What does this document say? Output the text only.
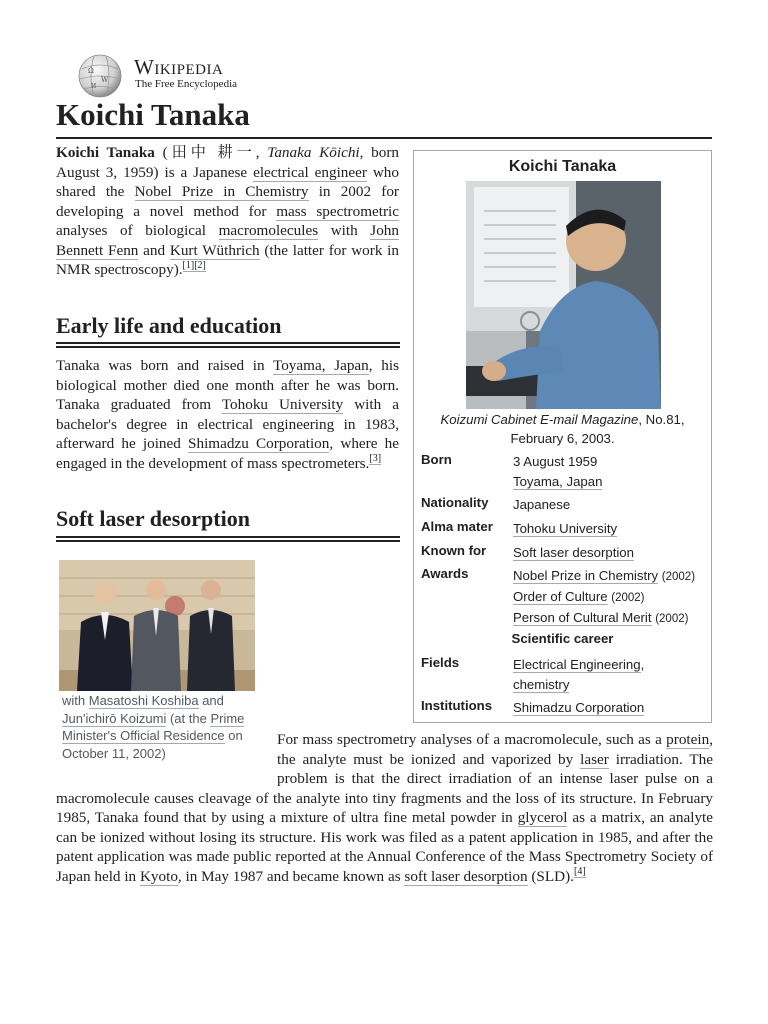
Ω
W
И
Wikipedia
The Free Encyclopedia
Koichi Tanaka

Koichi Tanaka (田中 耕一, Tanaka Kōichi, born August 3, 1959) is a Japanese electrical engineer who shared the Nobel Prize in Chemistry in 2002 for developing a novel method for mass spectrometric analyses of biological macromolecules with John Bennett Fenn and Kurt Wüthrich (the latter for work in NMR spectroscopy).[1][2]

Early life and education

Tanaka was born and raised in Toyama, Japan, his biological mother died one month after he was born. Tanaka graduated from Tohoku University with a bachelor's degree in electrical engineering in 1983, afterward he joined Shimadzu Corporation, where he engaged in the development of mass spectrometers.[3]

Soft laser desorption
with Masatoshi Koshiba and Jun'ichirō Koizumi (at the Prime Minister's Official Residence on October 11, 2002)

For mass spectrometry analyses of a macromolecule, such as a protein, the analyte must be ionized and vaporized by laser irradiation. The problem is that the direct irradiation of an intense laser pulse on a macromolecule causes cleavage of the analyte into tiny fragments and the loss of its structure. In February 1985, Tanaka found that by using a mixture of ultra fine metal powder in glycerol as a matrix, an analyte can be ionized without losing its structure. His work was filed as a patent application in 1985, and after the patent application was made public reported at the Annual Conference of the Mass Spectrometry Society of Japan held in Kyoto, in May 1987 and became known as soft laser desorption (SLD).[4]

Koichi Tanaka
Koizumi Cabinet E-mail Magazine, No.81, February 6, 2003.
Born	3 August 1959
Toyama, Japan
Nationality Japanese
Alma mater Tohoku University
Known for Soft laser desorption
Awards	Nobel Prize in Chemistry (2002)
Order of Culture (2002)
Person of Cultural Merit (2002)
Scientific career
Fields	Electrical Engineering,
chemistry
Institutions Shimadzu Corporation
